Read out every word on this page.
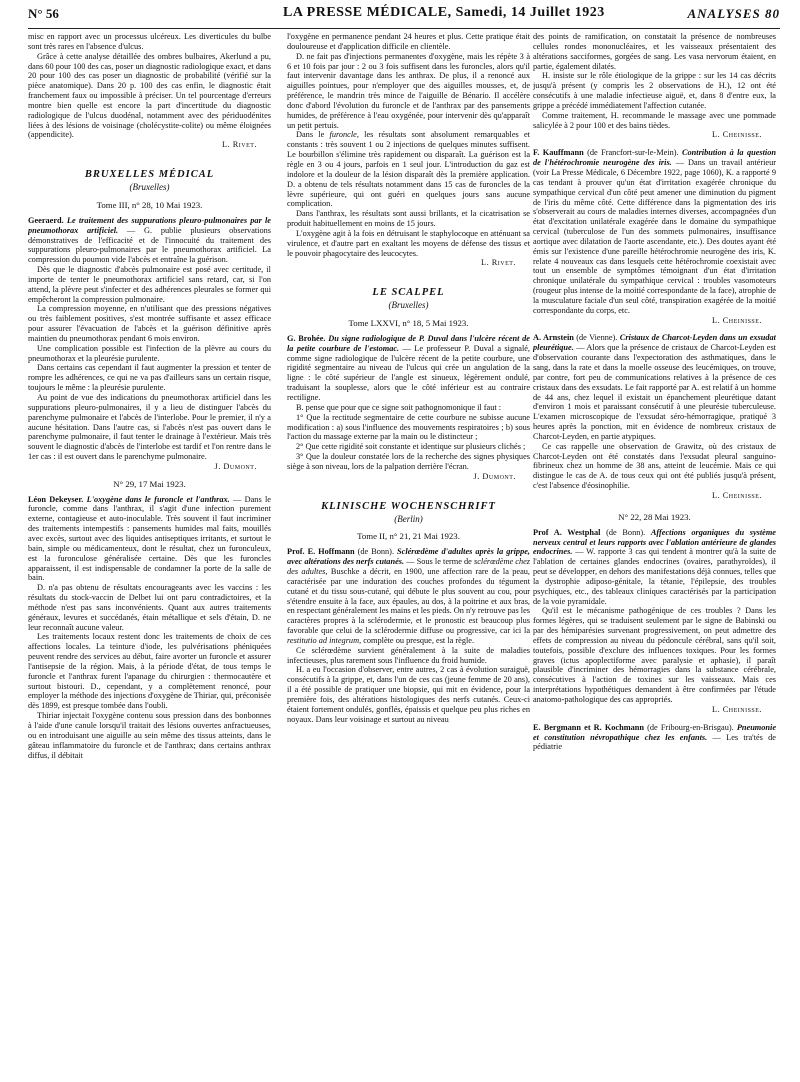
N° 56	LA PRESSE MÉDICALE, Samedi, 14 Juillet 1923	ANALYSES 80

misc en rapport avec un processus ulcéreux. Les diverticules du bulbe sont très rares en l'absence d'ulcus.

Grâce à cette analyse détaillée des ombres bulbaires, Akerlund a pu, dans 60 pour 100 des cas, poser un diagnostic radiologique exact, et dans 20 pour 100 des cas poser un diagnostic de probabilité (vérifié sur la pièce anatomique). Dans 20 p. 100 des cas enfin, le diagnostic était franchement faux ou impossible à préciser. Un tel pourcentage d'erreurs montre bien quelle est encore la part d'incertitude du diagnostic radiologique de l'ulcus duodénal, notamment avec des périduodénites liées à des lésions de voisinage (cholécystite-colite) ou même éloignées (appendicite).

L. Rivet.
BRUXELLES MÉDICAL
(Bruxelles)
Tome III, n° 28, 10 Mai 1923.

Geeraerd. Le traitement des suppurations pleuro-pulmonaires par le pneumothorax artificiel. — G. publie plusieurs observations démonstratives de l'efficacité et de l'innocuité du traitement des suppurations pleuro-pulmonaires par le pneumothorax artificiel. La compression du poumon vide l'abcès et entraîne la guérison.

Dès que le diagnostic d'abcès pulmonaire est posé avec certitude, il importe de tenter le pneumothorax artificiel sans retard, car, si l'on attend, la plèvre peut s'infecter et des adhérences pleurales se former qui empêcheront la compression pulmonaire.

La compression moyenne, en n'utilisant que des pressions négatives ou très faiblement positives, s'est montrée suffisante et assez efficace pour assurer l'évacuation de l'abcès et la guérison définitive après maintien du pneumothorax pendant 6 mois environ.

Une complication possible est l'infection de la plèvre au cours du pneumothorax et la pleurésie purulente.

Dans certains cas cependant il faut augmenter la pression et tenter de rompre les adhérences, ce qui ne va pas d'ailleurs sans un certain risque, toujours le même : la pleurésie purulente.

Au point de vue des indications du pneumothorax artificiel dans les suppurations pleuro-pulmonaires, il y a lieu de distinguer l'abcès du parenchyme pulmonaire et l'abcès de l'interlobe. Pour le premier, il n'y a aucune hésitation. Dans l'autre cas, si l'abcès n'est pas ouvert dans le parenchyme pulmonaire, il faut tenter le drainage à l'extérieur. Mais très souvent le diagnostic d'abcès de l'interlobe est tardif et l'on rentre dans le 1er cas : il est ouvert dans le parenchyme pulmonaire.

J. Dumont.
N° 29, 17 Mai 1923.

Léon Dekeyser. L'oxygène dans le furoncle et l'anthrax. — Dans le furoncle, comme dans l'anthrax, il s'agit d'une infection purement externe, contagieuse et auto-inoculable. Très souvent il faut incriminer des traitements intempestifs : pansements humides mal faits, mouillés avec excès, surtout avec des liquides antiseptiques irritants, et surtout le bain, simple ou médicamenteux, dont le résultat, chez un furonculeux, est la furonculose généralisée certaine. Dès que les furoncles apparaissent, il est indispensable de condamner la porte de la salle de bain.

D. n'a pas obtenu de résultats encourageants avec les vaccins : les résultats du stock-vaccin de Delbet lui ont paru contradictoires, et la méthode n'est pas sans inconvénients. Quant aux autres traitements généraux, levures et succédanés, étain métallique et sels d'étain, D. ne leur reconnaît aucune valeur.

Les traitements locaux restent donc les traitements de choix de ces affections locales. La teinture d'iode, les pulvérisations phéniquées peuvent rendre des services au début, faire avorter un furoncle et assurer l'antisepsie de la région. Mais, à la période d'état, de tous temps le furoncle et l'anthrax furent l'apanage du chirurgien : thermocautère et surtout bistouri. D., cependant, y a complètement renoncé, pour employer la méthode des injections d'oxygène de Thiriar, qui, préconisée dès 1899, est presque tombée dans l'oubli.

Thiriar injectait l'oxygène contenu sous pression dans des bonbonnes à l'aide d'une canule lorsqu'il traitait des lésions ouvertes anfractueuses, ou en introduisant une aiguille au sein même des tissus atteints, dans le gâteau inflammatoire du furoncle et de l'anthrax; dans certains anthrax diffus, il débitait

l'oxygène en permanence pendant 24 heures et plus. Cette pratique était douloureuse et d'application difficile en clientèle.

D. ne fait pas d'injections permanentes d'oxygène, mais les répète 3 à 6 et 10 fois par jour : 2 ou 3 fois suffisent dans les furoncles, alors qu'il faut intervenir davantage dans les anthrax. De plus, il a renoncé aux aiguilles pointues, pour n'employer que des aiguilles mousses, et, de préférence, le mandrin très mince de l'aiguille de Bénario. Il accélère donc d'abord l'évolution du furoncle et de l'anthrax par des pansements humides, de préférence à l'eau oxygénée, pour intervenir dès qu'apparaît un petit pertuis.

Dans le furoncle, les résultats sont absolument remarquables et constants : très souvent 1 ou 2 injections de quelques minutes suffisent. Le bourbillon s'élimine très rapidement ou disparaît. La guérison est la règle en 3 ou 4 jours, parfois en 1 seul jour. L'introduction du gaz est indolore et la douleur de la lésion disparaît dès la première application. D. a obtenu de tels résultats notamment dans 15 cas de furoncles de la lèvre supérieure, qui ont guéri en quelques jours sans aucune complication.

Dans l'anthrax, les résultats sont aussi brillants, et la cicatrisation se produit habituellement en moins de 15 jours.

L'oxygène agit à la fois en détruisant le staphylocoque en atténuant sa virulence, et d'autre part en exaltant les moyens de défense des tissus et le pouvoir phagocytaire des leucocytes.

L. Rivet.
LE SCALPEL
(Bruxelles)
Tome LXXVI, n° 18, 5 Mai 1923.

G. Brohée. Du signe radiologique de P. Duval dans l'ulcère récent de la petite courbure de l'estomac. — Le professeur P. Duval a signalé, comme signe radiologique de l'ulcère récent de la petite courbure, une rigidité segmentaire au niveau de l'ulcus qui crée un angulation de la ligne : le côté supérieur de l'angle est sinueux, légèrement ondulé, traduisant la souplesse, alors que le côté inférieur est au contraire rectiligne.

B. pense que pour que ce signe soit pathognomonique il faut :

1° Que la rectitude segmentaire de cette courbure ne subisse aucune modification : a) sous l'influence des mouvements respiratoires ; b) sous l'action du massage externe par la main ou le distincteur ;

2° Que cette rigidité soit constante et identique sur plusieurs clichés ;

3° Que la douleur constatée lors de la recherche des signes physiques siège à son niveau, lors de la palpation derrière l'écran.

J. Dumont.
KLINISCHE WOCHENSCHRIFT
(Berlin)
Tome II, n° 21, 21 Mai 1923.

Prof. E. Hoffmann (de Bonn). Sclérœdème d'adultes après la grippe, avec altérations des nerfs cutanés. — Sous le terme de sclérœdème chez des adultes, Buschke a décrit, en 1900, une affection rare de la peau, caractérisée par une induration des couches profondes du tégument cutané et du tissu sous-cutané, qui débute le plus souvent au cou, pour s'étendre ensuite à la face, aux épaules, au dos, à la poitrine et aux bras, en respectant généralement les mains et les pieds. On n'y retrouve pas les caractères propres à la sclérodermie, et le pronostic est beaucoup plus favorable que celui de la sclérodermie diffuse ou progressive, car ici la restitutio ad integrum, complète ou presque, est la règle.

Ce sclérœdème survient généralement à la suite de maladies infectieuses, plus rarement sous l'influence du froid humide.

H. a eu l'occasion d'observer, entre autres, 2 cas à évolution suraiguë, consécutifs à la grippe, et, dans l'un de ces cas (jeune femme de 20 ans), il a été possible de pratiquer une biopsie, qui mit en évidence, pour la première fois, des altérations histologiques des nerfs cutanés. Ceux-ci étaient fortement ondulés, gonflés, épaissis et quelque peu plus riches en noyaux. Dans leur voisinage et surtout au niveau

des points de ramification, on constatait la présence de nombreuses cellules rondes mononucléaires, et les vaisseaux présentaient des altérations sacciformes, gorgées de sang. Les vasa nervorum étaient, en partie, également dilatés.

H. insiste sur le rôle étiologique de la grippe : sur les 14 cas décrits jusqu'à présent (y compris les 2 observations de H.), 12 ont été consécutifs à une maladie infectieuse aiguë, et, dans 8 d'entre eux, la grippe a précédé immédiatement l'affection cutanée.

Comme traitement, H. recommande le massage avec une pommade salicylée à 2 pour 100 et des bains tièdes.

L. Cheinisse.

F. Kauffmann (de Francfort-sur-le-Mein). Contribution à la question de l'hétérochromie neurogène des iris. — Dans un travail antérieur (voir La Presse Médicale, 6 Décembre 1922, page 1060), K. a rapporté 9 cas tendant à prouver qu'un état d'irritation exagérée chronique du sympathique cervical d'un côté peut amener une diminution du pigment de l'iris du même côté. Cette différence dans la pigmentation des iris s'observerait au cours de maladies internes diverses, accompagnées d'un état d'excitation unilatérale exagérée dans le domaine du sympathique cervical (tuberculose de l'un des sommets pulmonaires, insuffisance aortique avec dilatation de l'aorte ascendante, etc.). Des doutes ayant été émis sur l'existence d'une pareille hétérochromie neurogène des iris, K. relate 4 nouveaux cas dans lesquels cette hétérochromie coexistait avec tout un ensemble de symptômes témoignant d'un état d'irritation chronique unilatérale du sympathique cervical : troubles vasomoteurs (rougeur plus intense de la moitié correspondante de la face), atrophie de la musculature faciale d'un seul côté, transpiration exagérée de la moitié correspondante du corps, etc.

L. Cheinisse.

A. Arnstein (de Vienne). Cristaux de Charcot-Leyden dans un exsudat pleurétique. — Alors que la présence de cristaux de Charcot-Leyden est d'observation courante dans l'expectoration des asthmatiques, dans le sang, dans la rate et dans la moelle osseuse des leucémiques, on trouve, par contre, fort peu de communications relatives à la présence de ces cristaux dans des exsudats. Le fait rapporté par A. est relatif à un homme de 44 ans, chez lequel il existait un épanchement pleurétique datant d'environ 1 mois et paraissant consécutif à une pleurésie tuberculeuse. L'examen microscopique de l'exsudat séro-hémorragique, pratiqué 3 heures après la ponction, mit en évidence de nombreux cristaux de Charcot-Leyden, en partie atypiques.

Ce cas rappelle une observation de Grawitz, où des cristaux de Charcot-Leyden ont été constatés dans l'exsudat pleural sanguino-fibrineux chez un homme de 38 ans, atteint de leucémie. Mais ce qui distingue le cas de A. de tous ceux qui ont été publiés jusqu'à présent, c'est l'absence d'éosinophilie.

L. Cheinisse.
N° 22, 28 Mai 1923.

Prof A. Westphal (de Bonn). Affections organiques du système nerveux central et leurs rapports avec l'ablation antérieure de glandes endocrines. — W. rapporte 3 cas qui tendent à montrer qu'à la suite de l'ablation de certaines glandes endocrines (ovaires, parathyroïdes), il peut se développer, en dehors des manifestations déjà connues, telles que la dystrophie adiposo-génitale, la tétanie, l'épilepsie, des troubles psychiques, etc., des tableaux cliniques caractérisés par la participation de la voie pyramidale.

Qu'il est le mécanisme pathogénique de ces troubles ? Dans les formes légères, qui se traduisent seulement par le signe de Babinski ou par des hémiparésies survenant progressivement, on peut admettre des effets de compression au niveau du pédoncule cérébral, sans qu'il soit, toutefois, possible d'exclure des influences toxiques. Pour les formes graves (ictus apoplectiforme avec paralysie et aphasie), il paraît plausible d'incriminer des hémorragies dans la substance cérébrale, consécutives à l'action de toxines sur les vaisseaux. Mais ces interprétations hypothétiques demandent à être confirmées par l'étude anatomo-pathologique des cas appropriés.

L. Cheinisse.

E. Bergmann et R. Kochmann (de Fribourg-en-Brisgau). Pneumonie et constitution névropathique chez les enfants. — Les tra'tés de pédiatrie
